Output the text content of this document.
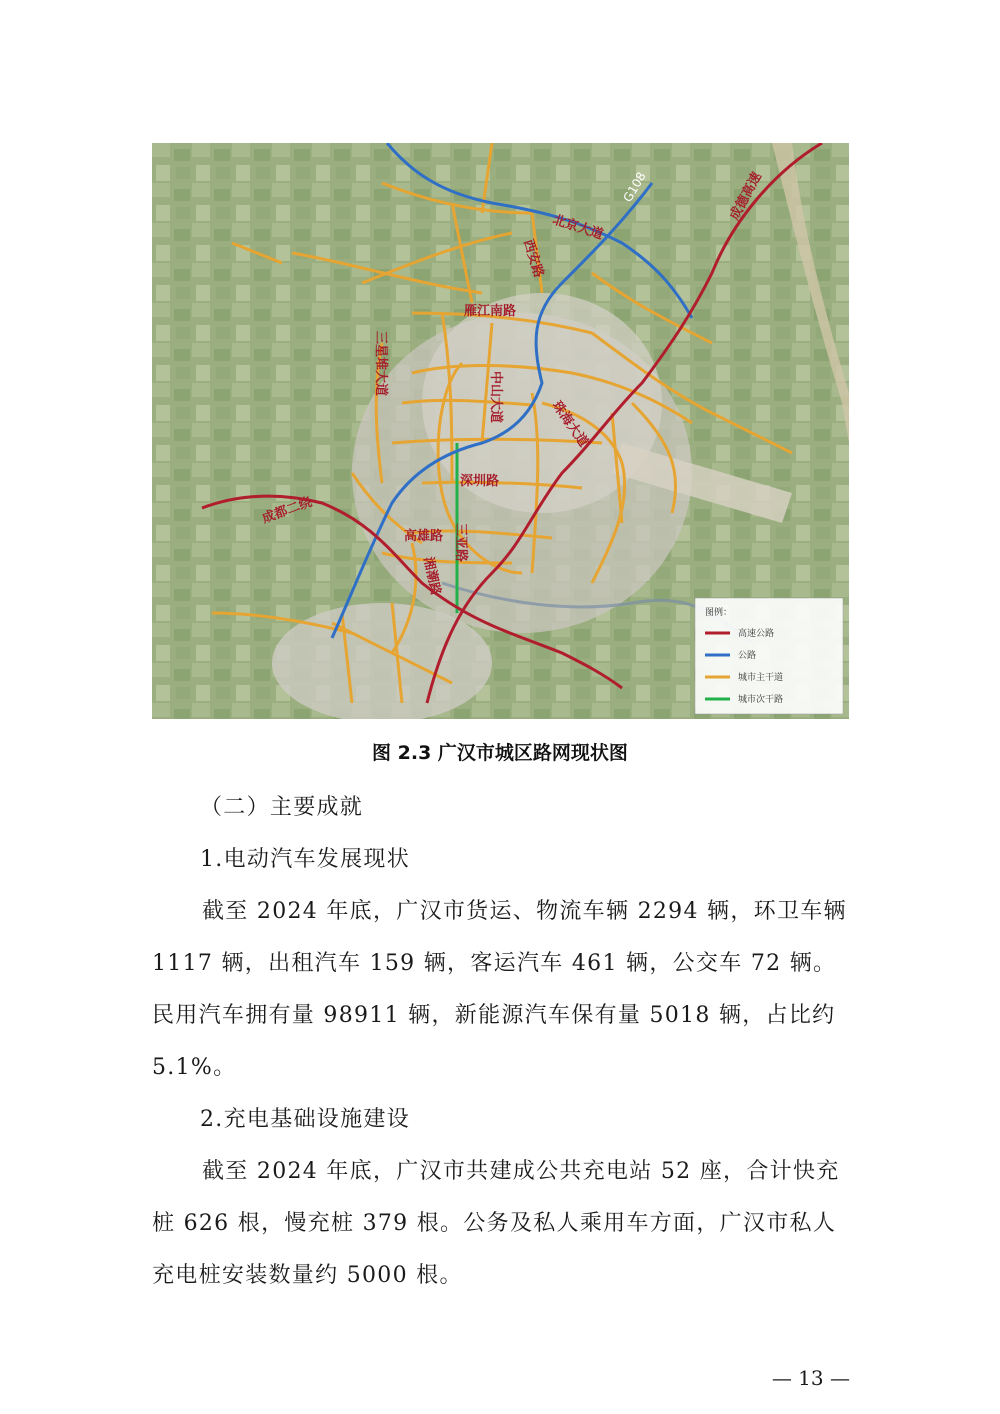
北京大道
西安路
雁江南路
三星堆大道
中山大道
珠海大道
深圳路
高雄路 三亚路
湘潮路
成都二绕
成德高速
G108
图例：
高速公路
公路
城市主干道
城市次干路
图 2.3 广汉市城区路网现状图

（二）主要成就

1.电动汽车发展现状

截至 2024 年底，广汉市货运、物流车辆 2294 辆，环卫车辆 1117 辆，出租汽车 159 辆，客运汽车 461 辆，公交车 72 辆。民用汽车拥有量 98911 辆，新能源汽车保有量 5018 辆，占比约 5.1%。

2.充电基础设施建设

截至 2024 年底，广汉市共建成公共充电站 52 座，合计快充桩 626 根，慢充桩 379 根。公务及私人乘用车方面，广汉市私人充电桩安装数量约 5000 根。

— 13 —
